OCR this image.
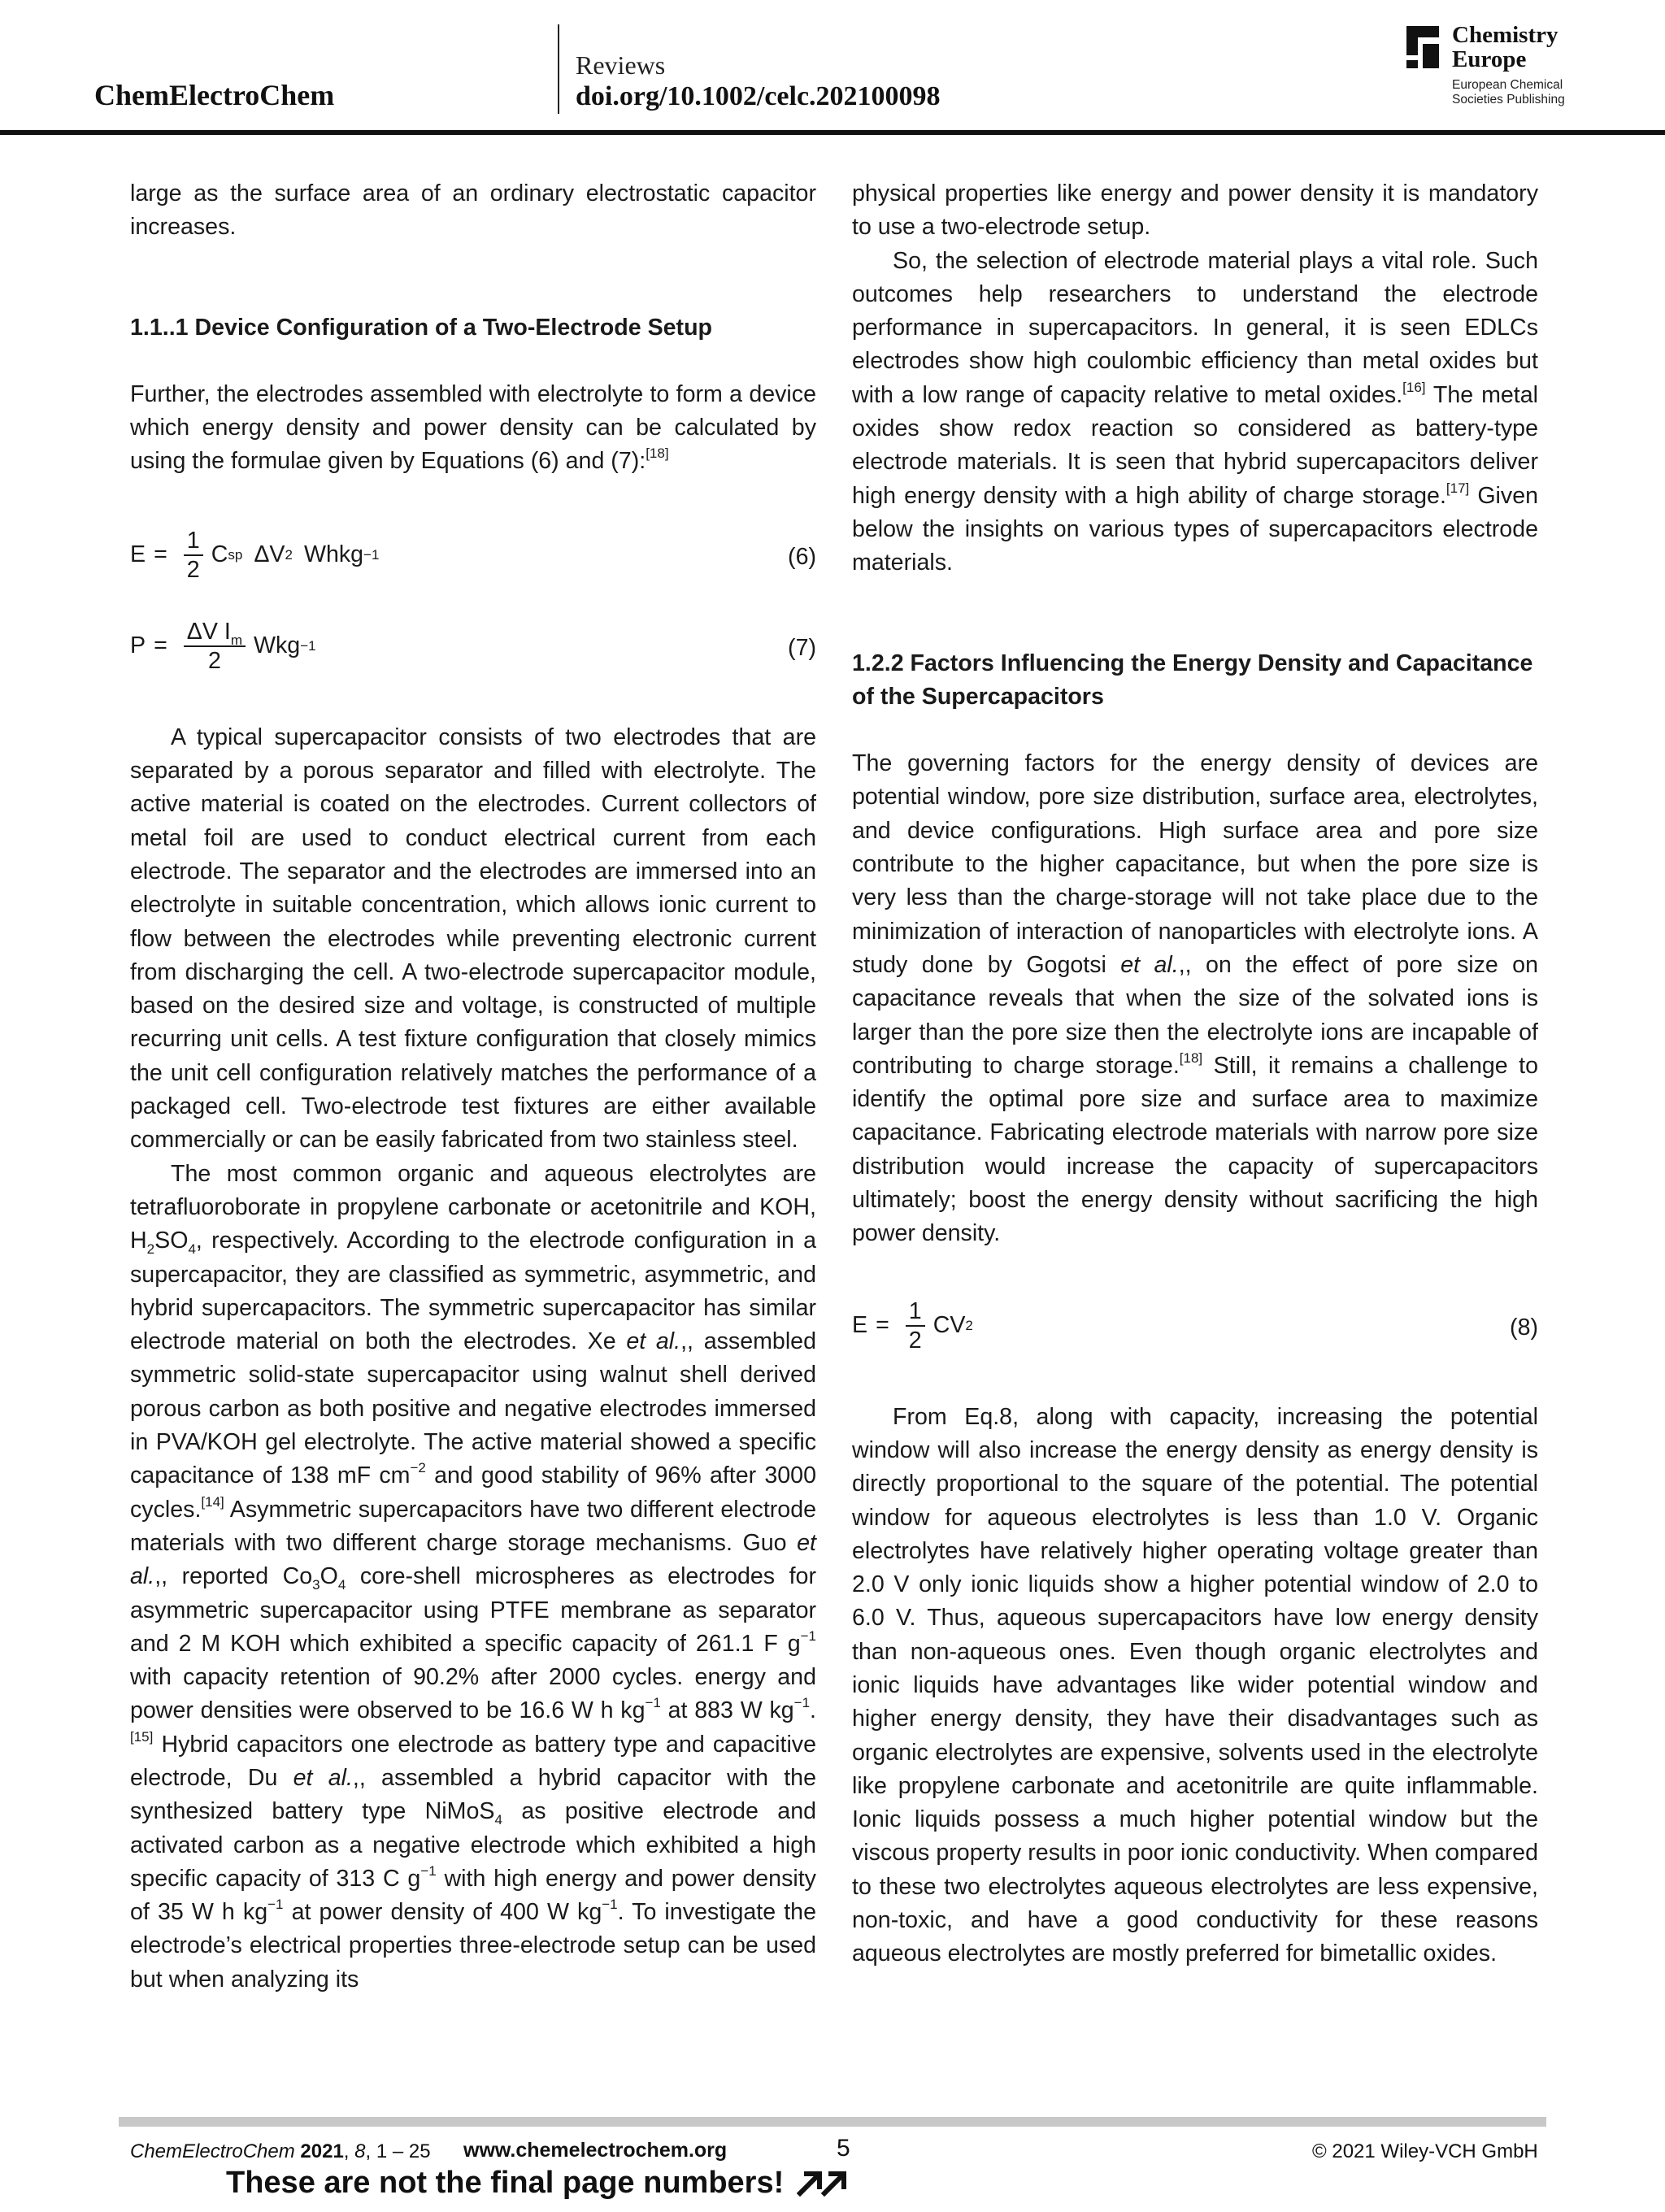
ChemElectroChem
Reviews
doi.org/10.1002/celc.202100098
Chemistry
Europe
European Chemical
Societies Publishing

large as the surface area of an ordinary electrostatic capacitor increases.

1.1..1 Device Configuration of a Two-Electrode Setup

Further, the electrodes assembled with electrolyte to form a device which energy density and power density can be calculated by using the formulae given by Equations (6) and (7):[18]

$E = \frac{1}{2}$ C sp ΔV 2 Whkg −1	(6)
$P = \frac{\Delta V I_m}{2}$ Wkg −1	(7)

A typical supercapacitor consists of two electrodes that are separated by a porous separator and filled with electrolyte. The active material is coated on the electrodes. Current collectors of metal foil are used to conduct electrical current from each electrode. The separator and the electrodes are immersed into an electrolyte in suitable concentration, which allows ionic current to flow between the electrodes while preventing electronic current from discharging the cell. A two-electrode supercapacitor module, based on the desired size and voltage, is constructed of multiple recurring unit cells. A test fixture configuration that closely mimics the unit cell configuration relatively matches the performance of a packaged cell. Two-electrode test fixtures are either available commercially or can be easily fabricated from two stainless steel.

The most common organic and aqueous electrolytes are tetrafluoroborate in propylene carbonate or acetonitrile and KOH, $H_2SO_4$, respectively. According to the electrode configuration in a supercapacitor, they are classified as symmetric, asymmetric, and hybrid supercapacitors. The symmetric supercapacitor has similar electrode material on both the electrodes. Xe et al.,, assembled symmetric solid-state supercapacitor using walnut shell derived porous carbon as both positive and negative electrodes immersed in PVA/KOH gel electrolyte. The active material showed a specific capacitance of 138 mF $cm^{-2}$ and good stability of 96% after 3000 cycles.[14] Asymmetric supercapacitors have two different electrode materials with two different charge storage mechanisms. Guo et al.,, reported $Co_3O_4$ core-shell microspheres as electrodes for asymmetric supercapacitor using PTFE membrane as separator and 2 M KOH which exhibited a specific capacity of 261.1 F $g^{-1}$ with capacity retention of 90.2% after 2000 cycles. energy and power densities were observed to be 16.6 W h $kg^{-1}$ at 883 W $kg^{-1}.[15]$ Hybrid capacitors one electrode as battery type and capacitive electrode, Du et al.,, assembled a hybrid capacitor with the synthesized battery type NiMoS$_4$ as positive electrode and activated carbon as a negative electrode which exhibited a high specific capacity of 313 C $g^{-1}$ with high energy and power density of 35 W h $kg^{-1}$ at power density of 400 W $kg^{-1}$. To investigate the electrode’s electrical properties three-electrode setup can be used but when analyzing its

physical properties like energy and power density it is mandatory to use a two-electrode setup.

So, the selection of electrode material plays a vital role. Such outcomes help researchers to understand the electrode performance in supercapacitors. In general, it is seen EDLCs electrodes show high coulombic efficiency than metal oxides but with a low range of capacity relative to metal oxides.[16] The metal oxides show redox reaction so considered as battery-type electrode materials. It is seen that hybrid supercapacitors deliver high energy density with a high ability of charge storage.[17] Given below the insights on various types of supercapacitors electrode materials.

1.2.2 Factors Influencing the Energy Density and Capacitance of the Supercapacitors

The governing factors for the energy density of devices are potential window, pore size distribution, surface area, electrolytes, and device configurations. High surface area and pore size contribute to the higher capacitance, but when the pore size is very less than the charge-storage will not take place due to the minimization of interaction of nanoparticles with electrolyte ions. A study done by Gogotsi et al.,, on the effect of pore size on capacitance reveals that when the size of the solvated ions is larger than the pore size then the electrolyte ions are incapable of contributing to charge storage.[18] Still, it remains a challenge to identify the optimal pore size and surface area to maximize capacitance. Fabricating electrode materials with narrow pore size distribution would increase the capacity of supercapacitors ultimately; boost the energy density without sacrificing the high power density.

$E = \frac{1}{2}$ CV 2	(8)

From Eq.8, along with capacity, increasing the potential window will also increase the energy density as energy density is directly proportional to the square of the potential. The potential window for aqueous electrolytes is less than 1.0 V. Organic electrolytes have relatively higher operating voltage greater than 2.0 V only ionic liquids show a higher potential window of 2.0 to 6.0 V. Thus, aqueous supercapacitors have low energy density than non-aqueous ones. Even though organic electrolytes and ionic liquids have advantages like wider potential window and higher energy density, they have their disadvantages such as organic electrolytes are expensive, solvents used in the electrolyte like propylene carbonate and acetonitrile are quite inflammable. Ionic liquids possess a much higher potential window but the viscous property results in poor ionic conductivity. When compared to these two electrolytes aqueous electrolytes are less expensive, non-toxic, and have a good conductivity for these reasons aqueous electrolytes are mostly preferred for bimetallic oxides.

ChemElectroChem 2021, 8, 1 – 25 www.chemelectrochem.org	5	© 2021 Wiley-VCH GmbH
These are not the final page numbers!
